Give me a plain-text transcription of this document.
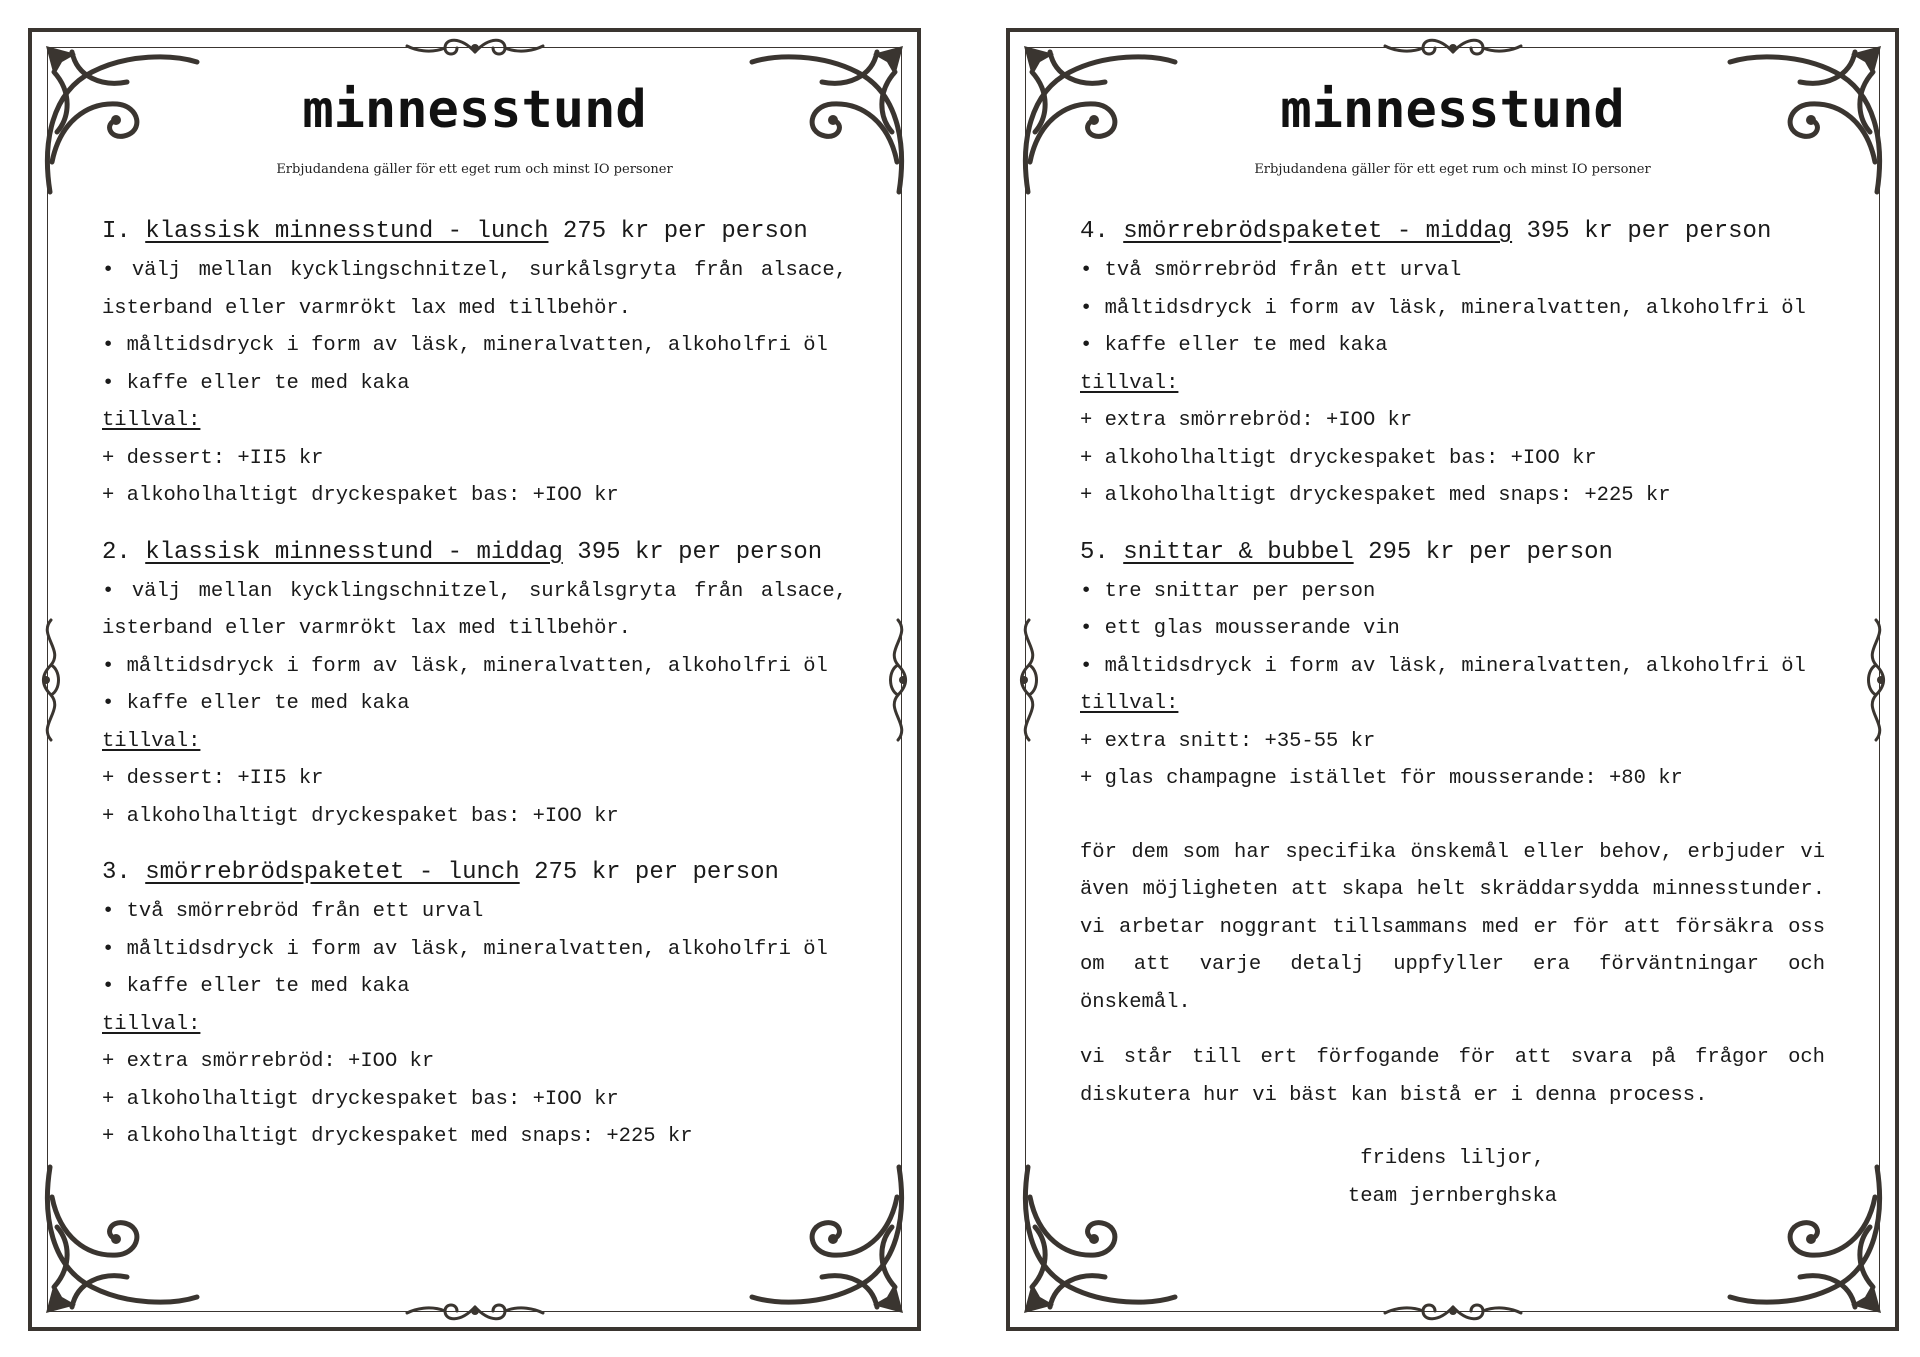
minnesstund
Erbjudandena gäller för ett eget rum och minst IO personer

I. klassisk minnesstund - lunch 275 kr per person

• välj mellan kycklingschnitzel, surkålsgryta från alsace, isterband eller varmrökt lax med tillbehör.

• måltidsdryck i form av läsk, mineralvatten, alkoholfri öl

• kaffe eller te med kaka

tillval:

+ dessert: +II5 kr

+ alkoholhaltigt dryckespaket bas: +IOO kr

2. klassisk minnesstund - middag 395 kr per person

• välj mellan kycklingschnitzel, surkålsgryta från alsace, isterband eller varmrökt lax med tillbehör.

• måltidsdryck i form av läsk, mineralvatten, alkoholfri öl

• kaffe eller te med kaka

tillval:

+ dessert: +II5 kr

+ alkoholhaltigt dryckespaket bas: +IOO kr

3. smörrebrödspaketet - lunch 275 kr per person

• två smörrebröd från ett urval

• måltidsdryck i form av läsk, mineralvatten, alkoholfri öl

• kaffe eller te med kaka

tillval:

+ extra smörrebröd: +IOO kr

+ alkoholhaltigt dryckespaket bas: +IOO kr

+ alkoholhaltigt dryckespaket med snaps: +225 kr

minnesstund
Erbjudandena gäller för ett eget rum och minst IO personer

4. smörrebrödspaketet - middag 395 kr per person

• två smörrebröd från ett urval

• måltidsdryck i form av läsk, mineralvatten, alkoholfri öl

• kaffe eller te med kaka

tillval:

+ extra smörrebröd: +IOO kr

+ alkoholhaltigt dryckespaket bas: +IOO kr

+ alkoholhaltigt dryckespaket med snaps: +225 kr

5. snittar & bubbel 295 kr per person

• tre snittar per person

• ett glas mousserande vin

• måltidsdryck i form av läsk, mineralvatten, alkoholfri öl

tillval:

+ extra snitt: +35-55 kr

+ glas champagne istället för mousserande: +80 kr

för dem som har specifika önskemål eller behov, erbjuder vi även möjligheten att skapa helt skräddarsydda minnesstunder. vi arbetar noggrant tillsammans med er för att försäkra oss om att varje detalj uppfyller era förväntningar och önskemål.

vi står till ert förfogande för att svara på frågor och diskutera hur vi bäst kan bistå er i denna process.

fridens liljor,

team jernberghska
